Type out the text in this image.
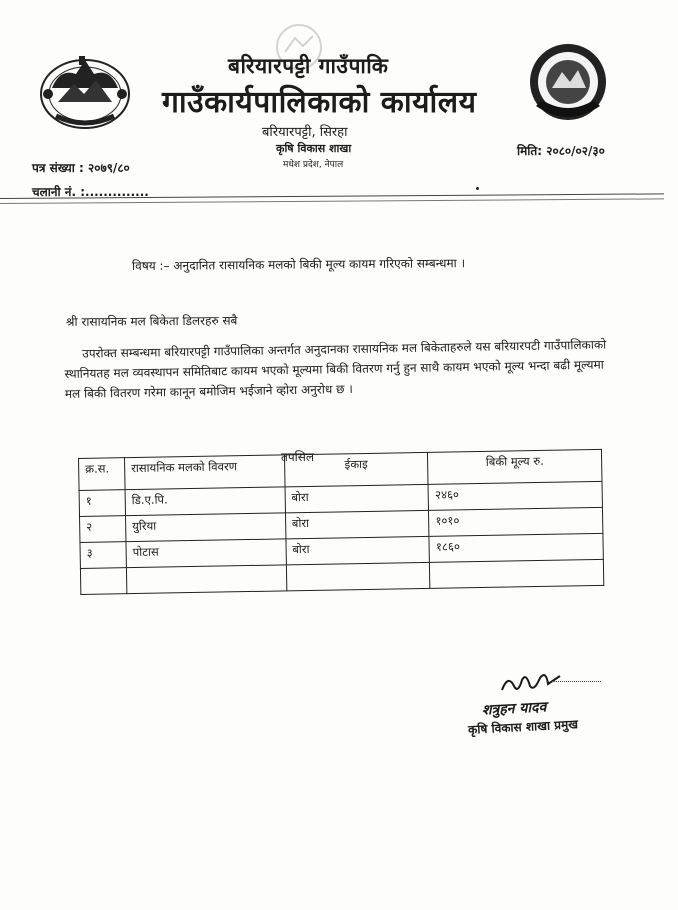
बरियारपट्टी गाउँपाकि
गाउँकार्यपालिकाको कार्यालय
बरियारपट्टी, सिरहा
कृषि विकास शाखा
मधेश प्रदेश, नेपाल
पत्र संख्या : २०७९/८०
मिति: २०८०/०२/३०
चलानी नं. :..............
विषय :– अनुदानित रासायनिक मलको बिकी मूल्य कायम गरिएको सम्बन्धमा ।
श्री रासायनिक मल बिकेता डिलरहरु सबै

उपरोक्त सम्बन्धमा बरियारपट्टी गाउँपालिका अन्तर्गत अनुदानका रासायनिक मल बिकेताहरुले यस बरियारपटी गाउँपालिकाको स्थानियतह मल व्यवस्थापन समितिबाट कायम भएको मूल्यमा बिकी वितरण गर्नु हुन साथै कायम भएको मूल्य भन्दा बढी मूल्यमा मल बिकी वितरण गरेमा कानून बमोजिम भईजाने व्होरा अनुरोध छ ।

तपसिल
क्र.स.	रासायनिक मलको विवरण	ईकाइ	बिकी मूल्य रु.
१	डि.ए.पि.	बोरा	२४६०
२	युरिया	बोरा	१०१०
३	पोटास	बोरा	१८६०

शत्रुहन यादव
कृषि विकास शाखा प्रमुख
